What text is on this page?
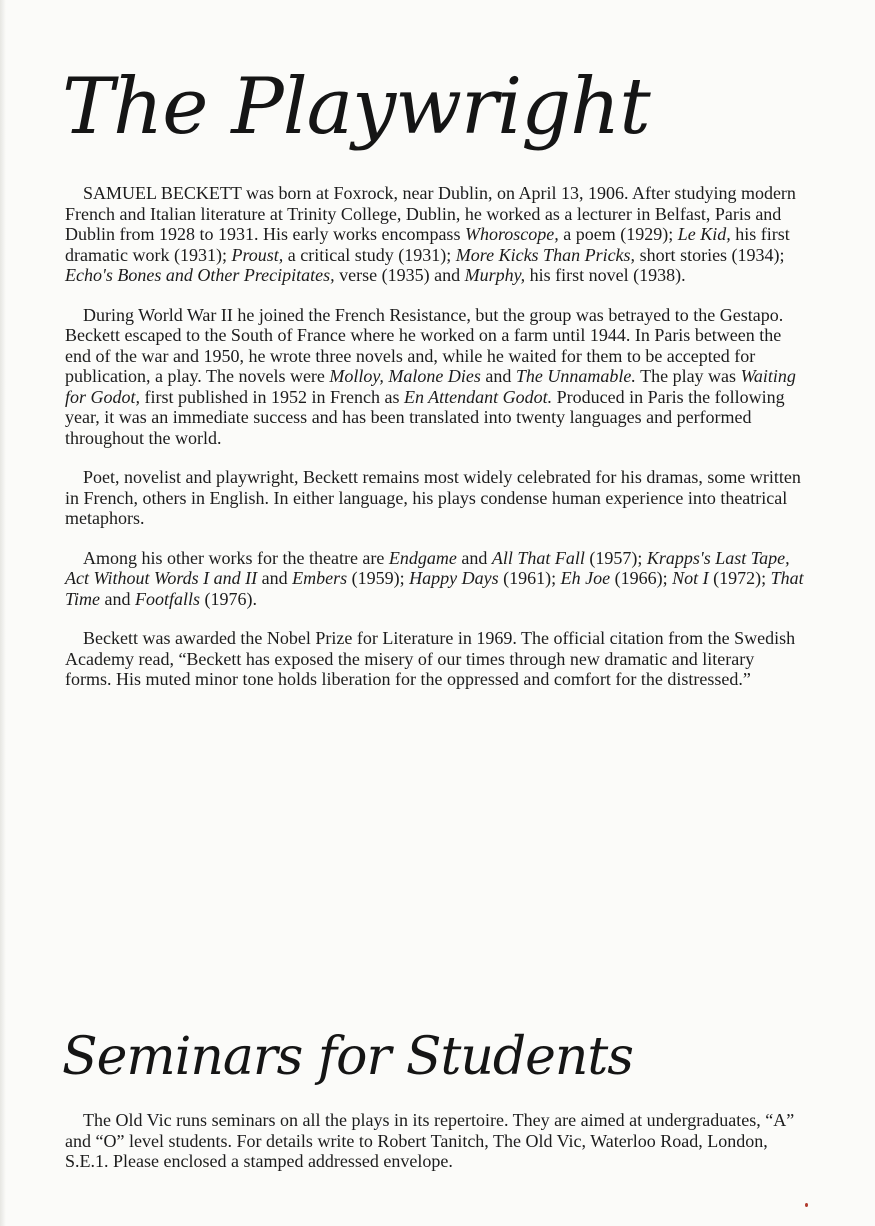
The Playwright

SAMUEL BECKETT was born at Foxrock, near Dublin, on April 13, 1906. After studying modern French and Italian literature at Trinity College, Dublin, he worked as a lecturer in Belfast, Paris and Dublin from 1928 to 1931. His early works encompass Whoroscope, a poem (1929); Le Kid, his first dramatic work (1931); Proust, a critical study (1931); More Kicks Than Pricks, short stories (1934); Echo's Bones and Other Precipitates, verse (1935) and Murphy, his first novel (1938).

During World War II he joined the French Resistance, but the group was betrayed to the Gestapo. Beckett escaped to the South of France where he worked on a farm until 1944. In Paris between the end of the war and 1950, he wrote three novels and, while he waited for them to be accepted for publication, a play. The novels were Molloy, Malone Dies and The Unnamable. The play was Waiting for Godot, first published in 1952 in French as En Attendant Godot. Produced in Paris the following year, it was an immediate success and has been translated into twenty languages and performed throughout the world.

Poet, novelist and playwright, Beckett remains most widely celebrated for his dramas, some written in French, others in English. In either language, his plays condense human experience into theatrical metaphors.

Among his other works for the theatre are Endgame and All That Fall (1957); Krapps's Last Tape, Act Without Words I and II and Embers (1959); Happy Days (1961); Eh Joe (1966); Not I (1972); That Time and Footfalls (1976).

Beckett was awarded the Nobel Prize for Literature in 1969. The official citation from the Swedish Academy read, “Beckett has exposed the misery of our times through new dramatic and literary forms. His muted minor tone holds liberation for the oppressed and comfort for the distressed.”

Seminars for Students

The Old Vic runs seminars on all the plays in its repertoire. They are aimed at undergraduates, “A” and “O” level students. For details write to Robert Tanitch, The Old Vic, Waterloo Road, London, S.E.1. Please enclosed a stamped addressed envelope.
